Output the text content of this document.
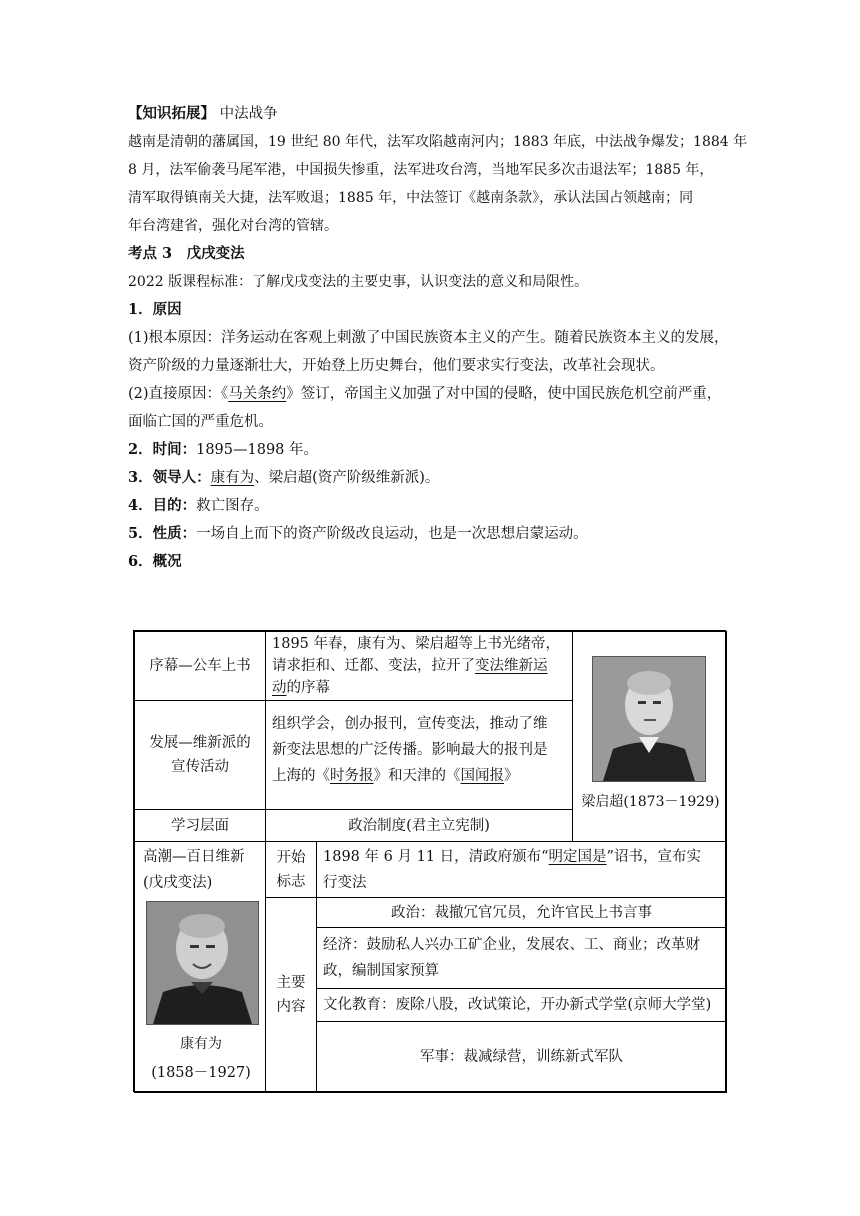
【知识拓展】 中法战争
越南是清朝的藩属国，19 世纪 80 年代，法军攻陷越南河内；1883 年底，中法战争爆发；1884 年
8 月，法军偷袭马尾军港，中国损失惨重，法军进攻台湾，当地军民多次击退法军；1885 年，
清军取得镇南关大捷，法军败退；1885 年，中法签订《越南条款》，承认法国占领越南；同
年台湾建省，强化对台湾的管辖。
考点 3　戊戌变法
2022 版课程标准：了解戊戌变法的主要史事，认识变法的意义和局限性。
1．原因
(1)根本原因：洋务运动在客观上刺激了中国民族资本主义的产生。随着民族资本主义的发展，
资产阶级的力量逐渐壮大，开始登上历史舞台，他们要求实行变法，改革社会现状。
(2)直接原因：《马关条约》签订，帝国主义加强了对中国的侵略，使中国民族危机空前严重，
面临亡国的严重危机。
2．时间：1895—1898 年。
3．领导人：康有为、梁启超(资产阶级维新派)。
4．目的：救亡图存。
5．性质：一场自上而下的资产阶级改良运动，也是一次思想启蒙运动。
6．概况
序幕—公车上书
1895 年春，康有为、梁启超等上书光绪帝，
请求拒和、迁都、变法，拉开了变法维新运
动的序幕
发展—维新派的
宣传活动
组织学会，创办报刊，宣传变法，推动了维
新变法思想的广泛传播。影响最大的报刊是
上海的《时务报》和天津的《国闻报》
梁启超(1873－1929)
学习层面	政治制度(君主立宪制)
高潮—百日维新
(戊戌变法)
康有为
(1858－1927)
开始
标志
1898 年 6 月 11 日，清政府颁布“明定国是”诏书，宣布实
行变法
主要
内容
政治：裁撤冗官冗员，允许官民上书言事
经济：鼓励私人兴办工矿企业，发展农、工、商业；改革财
政，编制国家预算
文化教育：废除八股，改试策论，开办新式学堂(京师大学堂)
军事：裁减绿营，训练新式军队
